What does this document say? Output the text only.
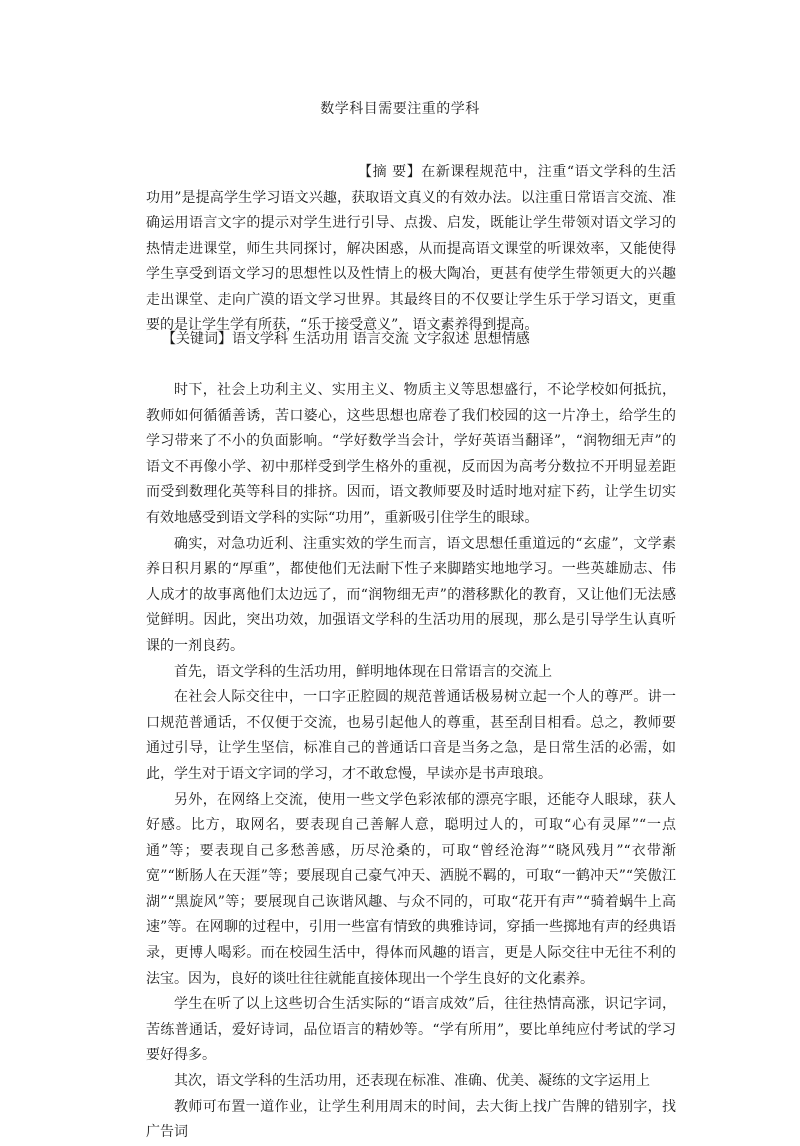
数学科目需要注重的学科

【摘 要】在新课程规范中，注重“语文学科的生活功用”是提高学生学习语文兴趣，获取语文真义的有效办法。以注重日常语言交流、准确运用语言文字的提示对学生进行引导、点拨、启发，既能让学生带领对语文学习的热情走进课堂，师生共同探讨，解决困惑，从而提高语文课堂的听课效率，又能使得学生享受到语文学习的思想性以及性情上的极大陶冶，更甚有使学生带领更大的兴趣走出课堂、走向广漠的语文学习世界。其最终目的不仅要让学生乐于学习语文，更重要的是让学生学有所获，“乐于接受意义”，语文素养得到提高。

【关键词】语文学科 生活功用 语言交流 文字叙述 思想情感

时下，社会上功利主义、实用主义、物质主义等思想盛行，不论学校如何抵抗，教师如何循循善诱，苦口婆心，这些思想也席卷了我们校园的这一片净土，给学生的学习带来了不小的负面影响。“学好数学当会计，学好英语当翻译”，“润物细无声”的语文不再像小学、初中那样受到学生格外的重视，反而因为高考分数拉不开明显差距而受到数理化英等科目的排挤。因而，语文教师要及时适时地对症下药，让学生切实有效地感受到语文学科的实际“功用”，重新吸引住学生的眼球。

确实，对急功近利、注重实效的学生而言，语文思想任重道远的“玄虚”，文学素养日积月累的“厚重”，都使他们无法耐下性子来脚踏实地地学习。一些英雄励志、伟人成才的故事离他们太边远了，而“润物细无声”的潜移默化的教育，又让他们无法感觉鲜明。因此，突出功效，加强语文学科的生活功用的展现，那么是引导学生认真听课的一剂良药。

首先，语文学科的生活功用，鲜明地体现在日常语言的交流上

在社会人际交往中，一口字正腔圆的规范普通话极易树立起一个人的尊严。讲一口规范普通话，不仅便于交流，也易引起他人的尊重，甚至刮目相看。总之，教师要通过引导，让学生坚信，标准自己的普通话口音是当务之急，是日常生活的必需，如此，学生对于语文字词的学习，才不敢怠慢，早读亦是书声琅琅。

另外，在网络上交流，使用一些文学色彩浓郁的漂亮字眼，还能夺人眼球，获人好感。比方，取网名，要表现自己善解人意，聪明过人的，可取“心有灵犀”“一点通”等；要表现自己多愁善感，历尽沧桑的，可取“曾经沧海”“晓风残月”“衣带渐宽”“断肠人在天涯”等；要展现自己豪气冲天、洒脱不羁的，可取“一鹤冲天”“笑傲江湖”“黑旋风”等；要展现自己诙谐风趣、与众不同的，可取“花开有声”“骑着蜗牛上高速”等。在网聊的过程中，引用一些富有情致的典雅诗词，穿插一些掷地有声的经典语录，更博人喝彩。而在校园生活中，得体而风趣的语言，更是人际交往中无往不利的法宝。因为，良好的谈吐往往就能直接体现出一个学生良好的文化素养。

学生在听了以上这些切合生活实际的“语言成效”后，往往热情高涨，识记字词，苦练普通话，爱好诗词，品位语言的精妙等。“学有所用”，要比单纯应付考试的学习要好得多。

其次，语文学科的生活功用，还表现在标准、准确、优美、凝练的文字运用上

教师可布置一道作业，让学生利用周末的时间，去大街上找广告牌的错别字，找广告词
